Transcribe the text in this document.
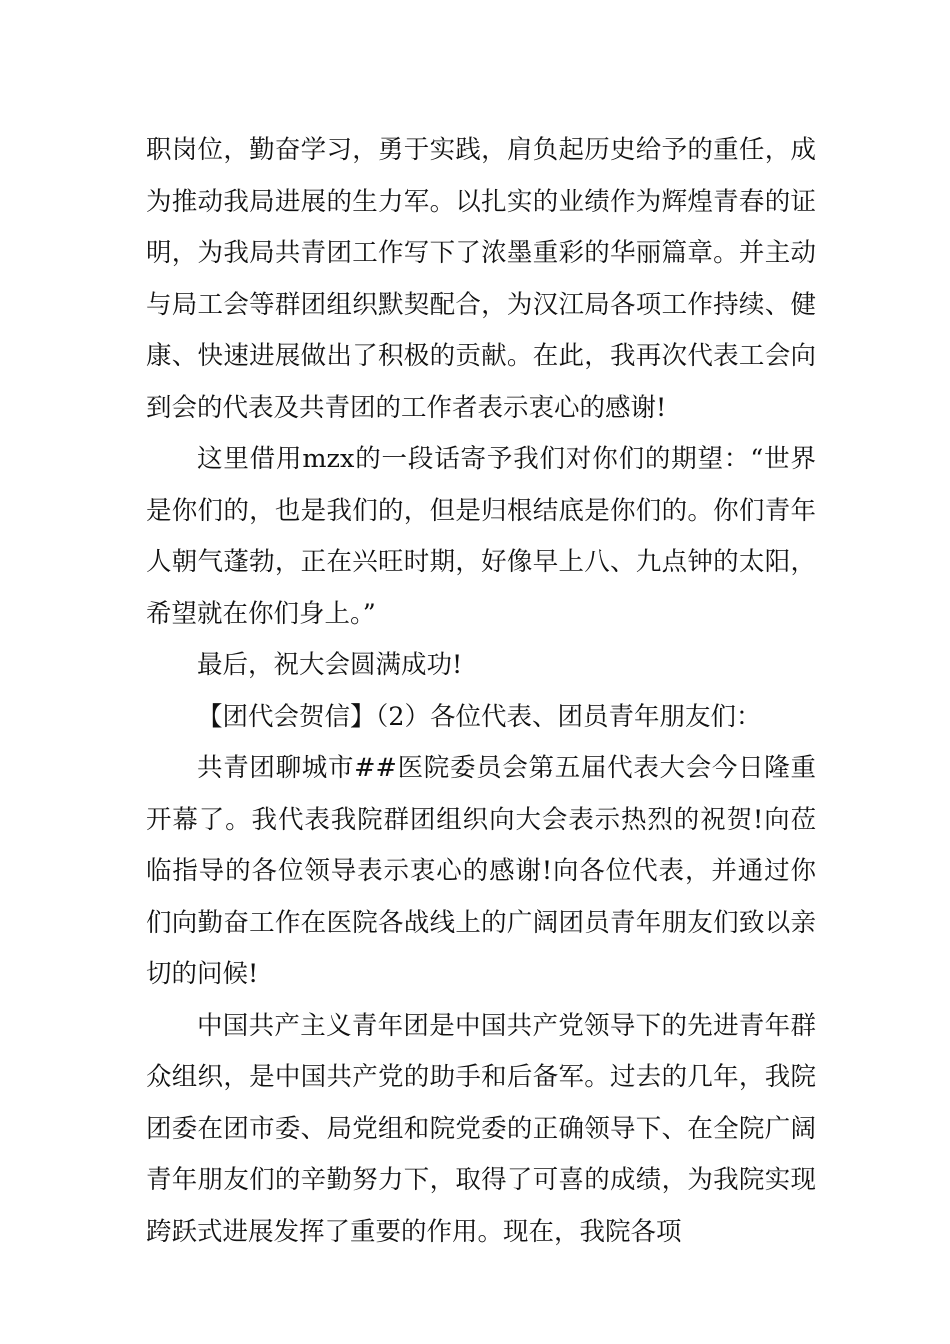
职岗位，勤奋学习，勇于实践，肩负起历史给予的重任，成为推动我局进展的生力军。以扎实的业绩作为辉煌青春的证明，为我局共青团工作写下了浓墨重彩的华丽篇章。并主动与局工会等群团组织默契配合，为汉江局各项工作持续、健康、快速进展做出了积极的贡献。在此，我再次代表工会向到会的代表及共青团的工作者表示衷心的感谢!

这里借用mzx的一段话寄予我们对你们的期望：“世界是你们的，也是我们的，但是归根结底是你们的。你们青年人朝气蓬勃，正在兴旺时期，好像早上八、九点钟的太阳，希望就在你们身上。”

最后，祝大会圆满成功!

【团代会贺信】（2）各位代表、团员青年朋友们：

共青团聊城市##医院委员会第五届代表大会今日隆重开幕了。我代表我院群团组织向大会表示热烈的祝贺!向莅临指导的各位领导表示衷心的感谢!向各位代表，并通过你们向勤奋工作在医院各战线上的广阔团员青年朋友们致以亲切的问候!

中国共产主义青年团是中国共产党领导下的先进青年群众组织，是中国共产党的助手和后备军。过去的几年，我院团委在团市委、局党组和院党委的正确领导下、在全院广阔青年朋友们的辛勤努力下，取得了可喜的成绩，为我院实现跨跃式进展发挥了重要的作用。现在，我院各项
